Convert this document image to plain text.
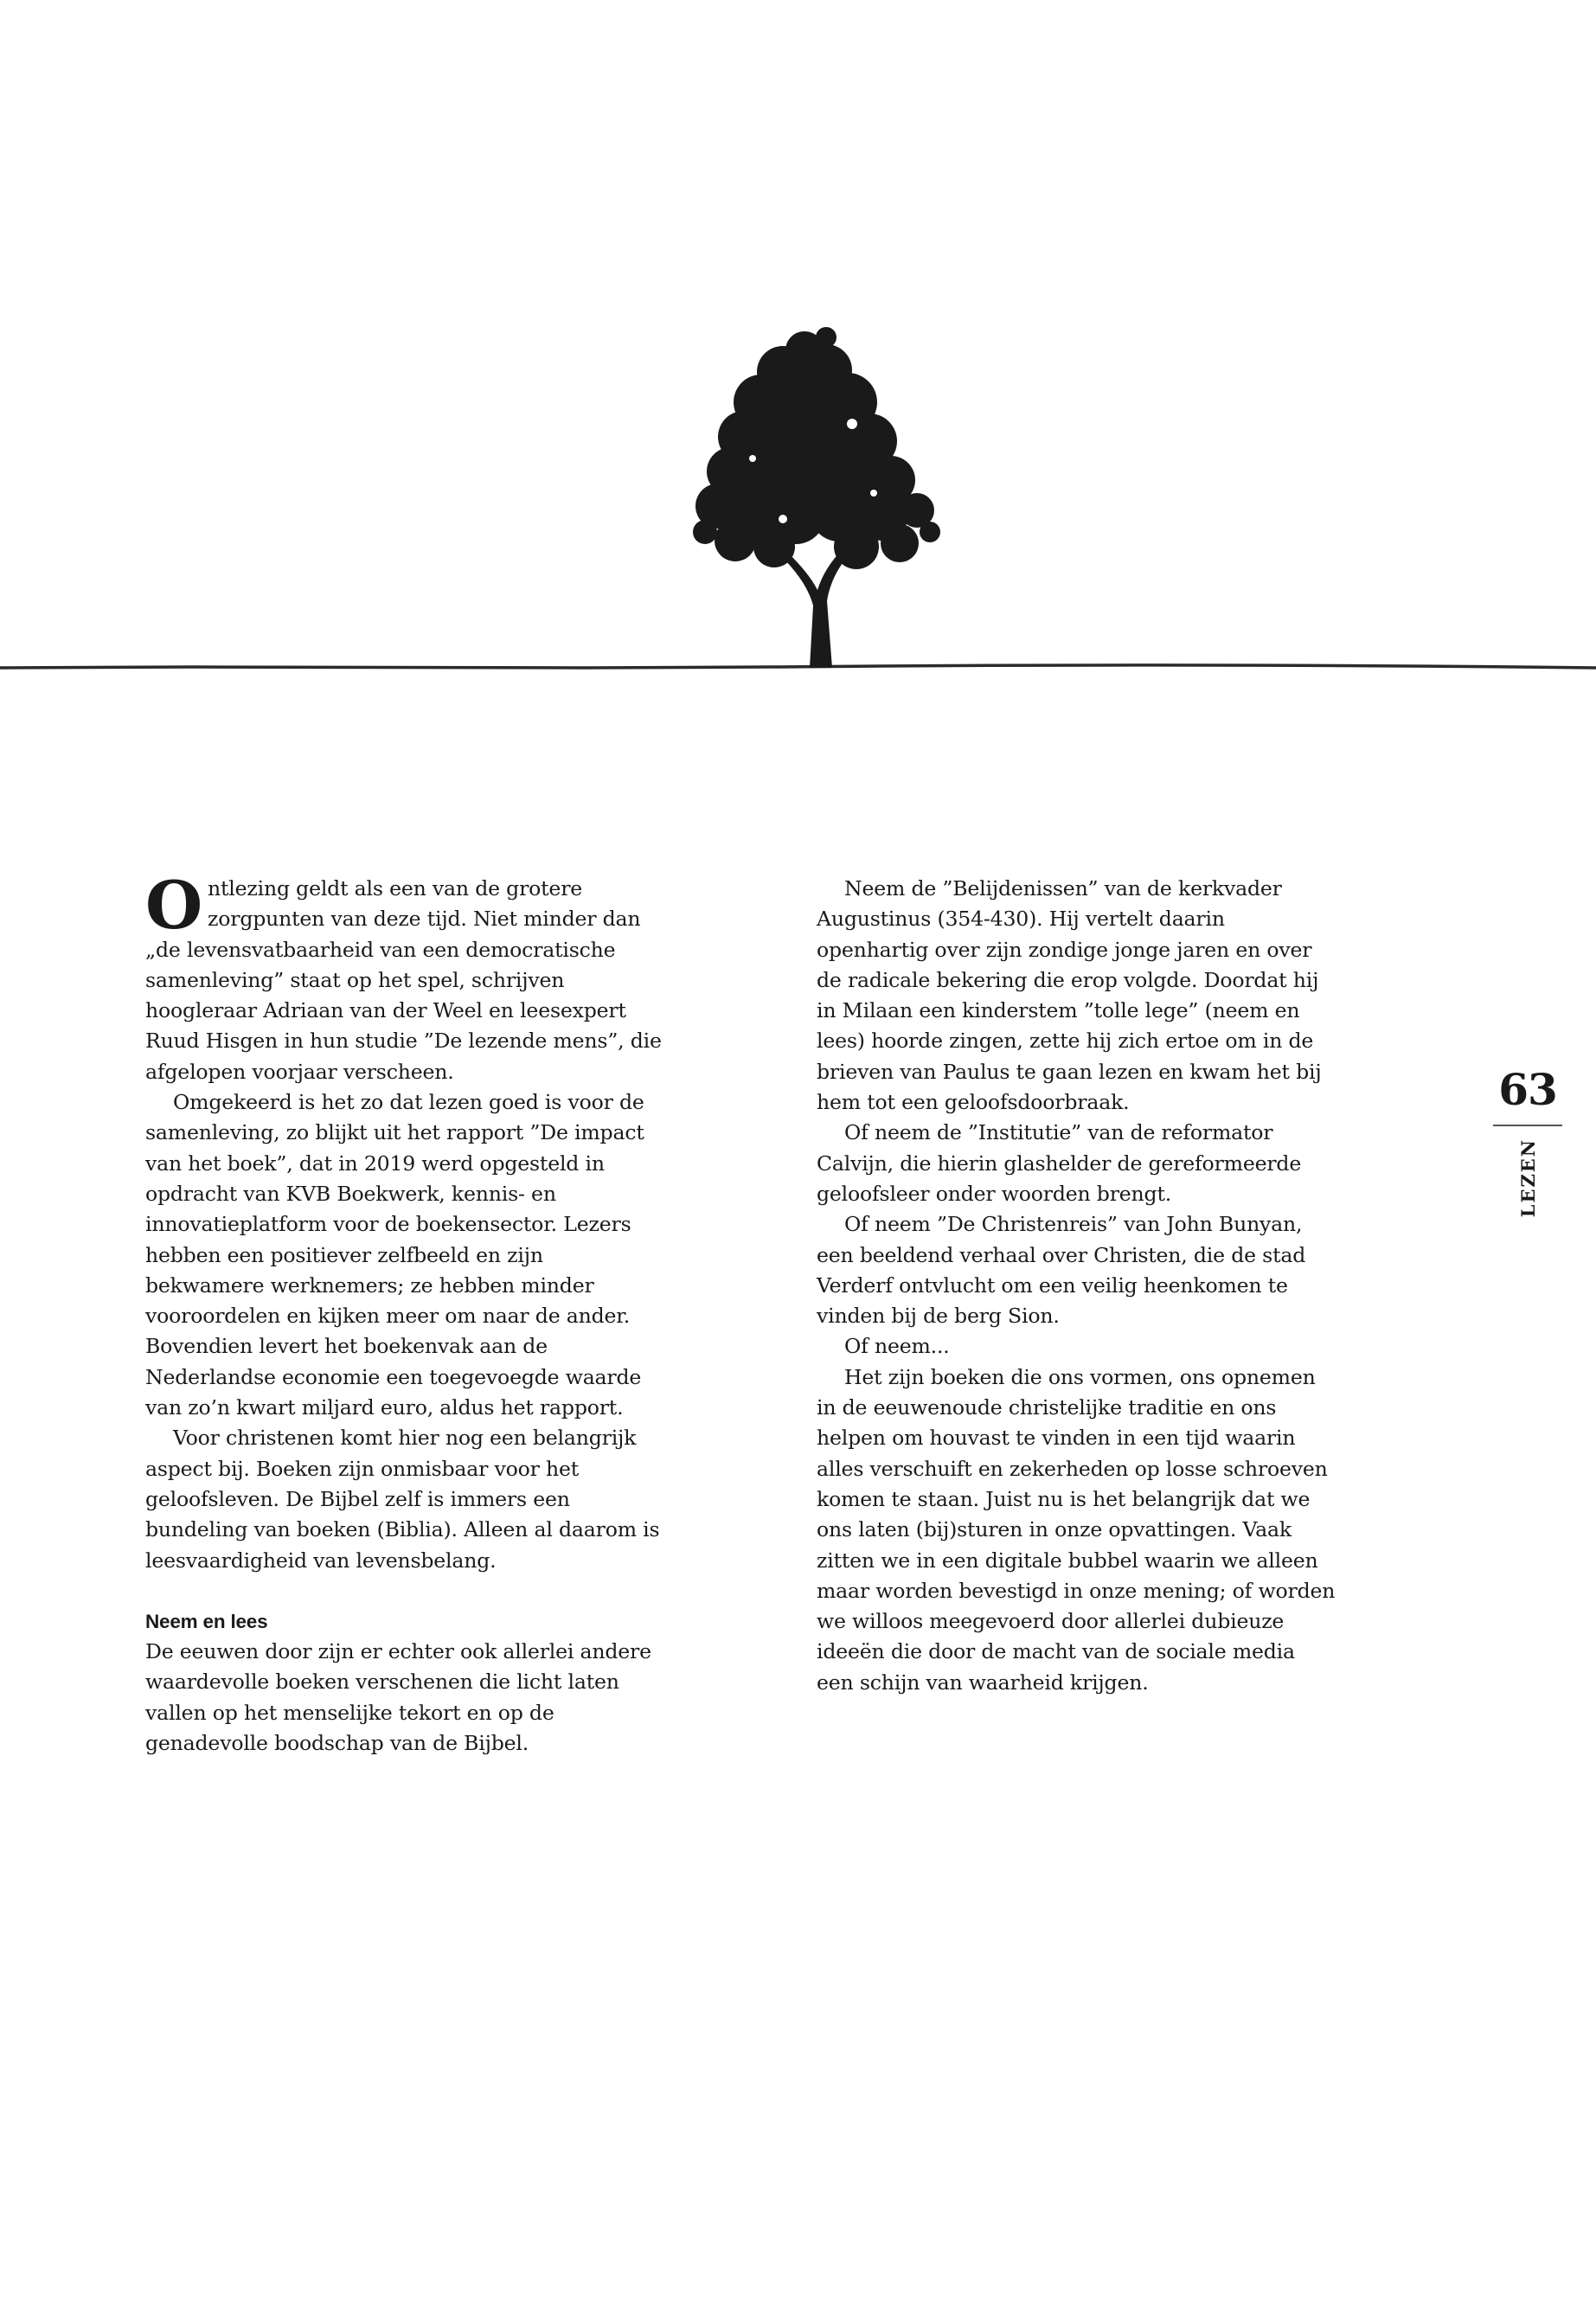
Ontlezing geldt als een van de grotere zorgpunten van deze tijd. Niet minder dan „de levensvatbaarheid van een democratische samenleving” staat op het spel, schrijven hoogleraar Adriaan van der Weel en leesexpert Ruud Hisgen in hun studie ”De lezende mens”, die afgelopen voorjaar verscheen.

Omgekeerd is het zo dat lezen goed is voor de samenleving, zo blijkt uit het rapport ”De impact van het boek”, dat in 2019 werd opgesteld in opdracht van KVB Boekwerk, kennis- en innovatieplatform voor de boekensector. Lezers hebben een positiever zelfbeeld en zijn bekwamere werknemers; ze hebben minder vooroordelen en kijken meer om naar de ander. Bovendien levert het boekenvak aan de Nederlandse economie een toegevoegde waarde van zo’n kwart miljard euro, aldus het rapport.

Voor christenen komt hier nog een belangrijk aspect bij. Boeken zijn onmisbaar voor het geloofsleven. De Bijbel zelf is immers een bundeling van boeken (Biblia). Alleen al daarom is leesvaardigheid van levensbelang.

Neem en lees

De eeuwen door zijn er echter ook allerlei andere waardevolle boeken verschenen die licht laten vallen op het menselijke tekort en op de genadevolle boodschap van de Bijbel.

Neem de ”Belijdenissen” van de kerkvader Augustinus (354-430). Hij vertelt daarin openhartig over zijn zondige jonge jaren en over de radicale bekering die erop volgde. Doordat hij in Milaan een kinderstem ”tolle lege” (neem en lees) hoorde zingen, zette hij zich ertoe om in de brieven van Paulus te gaan lezen en kwam het bij hem tot een geloofsdoorbraak.

Of neem de ”Institutie” van de reformator Calvijn, die hierin glashelder de gereformeerde geloofsleer onder woorden brengt.

Of neem ”De Christenreis” van John Bunyan, een beeldend verhaal over Christen, die de stad Verderf ontvlucht om een veilig heenkomen te vinden bij de berg Sion.

Of neem...

Het zijn boeken die ons vormen, ons opnemen in de eeuwenoude christelijke traditie en ons helpen om houvast te vinden in een tijd waarin alles verschuift en zekerheden op losse schroeven komen te staan. Juist nu is het belangrijk dat we ons laten (bij)sturen in onze opvattingen. Vaak zitten we in een digitale bubbel waarin we alleen maar worden bevestigd in onze mening; of worden we willoos meegevoerd door allerlei dubieuze ideeën die door de macht van de sociale media een schijn van waarheid krijgen.

63
LEZEN
